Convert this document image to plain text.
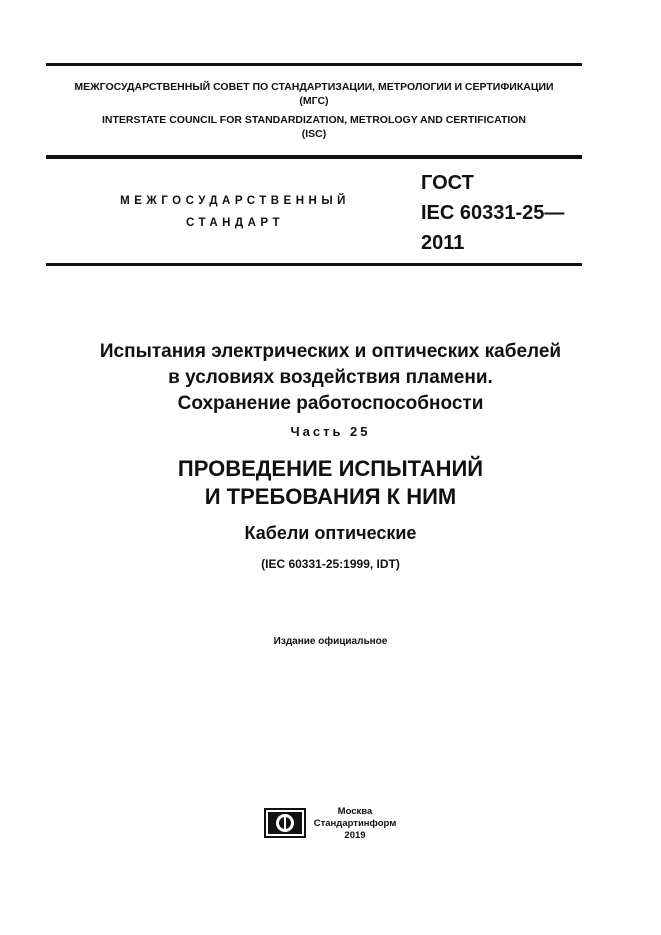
МЕЖГОСУДАРСТВЕННЫЙ СОВЕТ ПО СТАНДАРТИЗАЦИИ, МЕТРОЛОГИИ И СЕРТИФИКАЦИИ
(МГС)
INTERSTATE COUNCIL FOR STANDARDIZATION, METROLOGY AND CERTIFICATION
(ISC)
МЕЖГОСУДАРСТВЕННЫЙ
СТАНДАРТ
ГОСТ
IEC 60331-25—
2011
Испытания электрических и оптических кабелей
в условиях воздействия пламени.
Сохранение работоспособности
Часть 25
ПРОВЕДЕНИЕ ИСПЫТАНИЙ
И ТРЕБОВАНИЯ К НИМ
Кабели оптические
(IEC 60331-25:1999, IDT)
Издание официальное
Москва
Стандартинформ
2019
